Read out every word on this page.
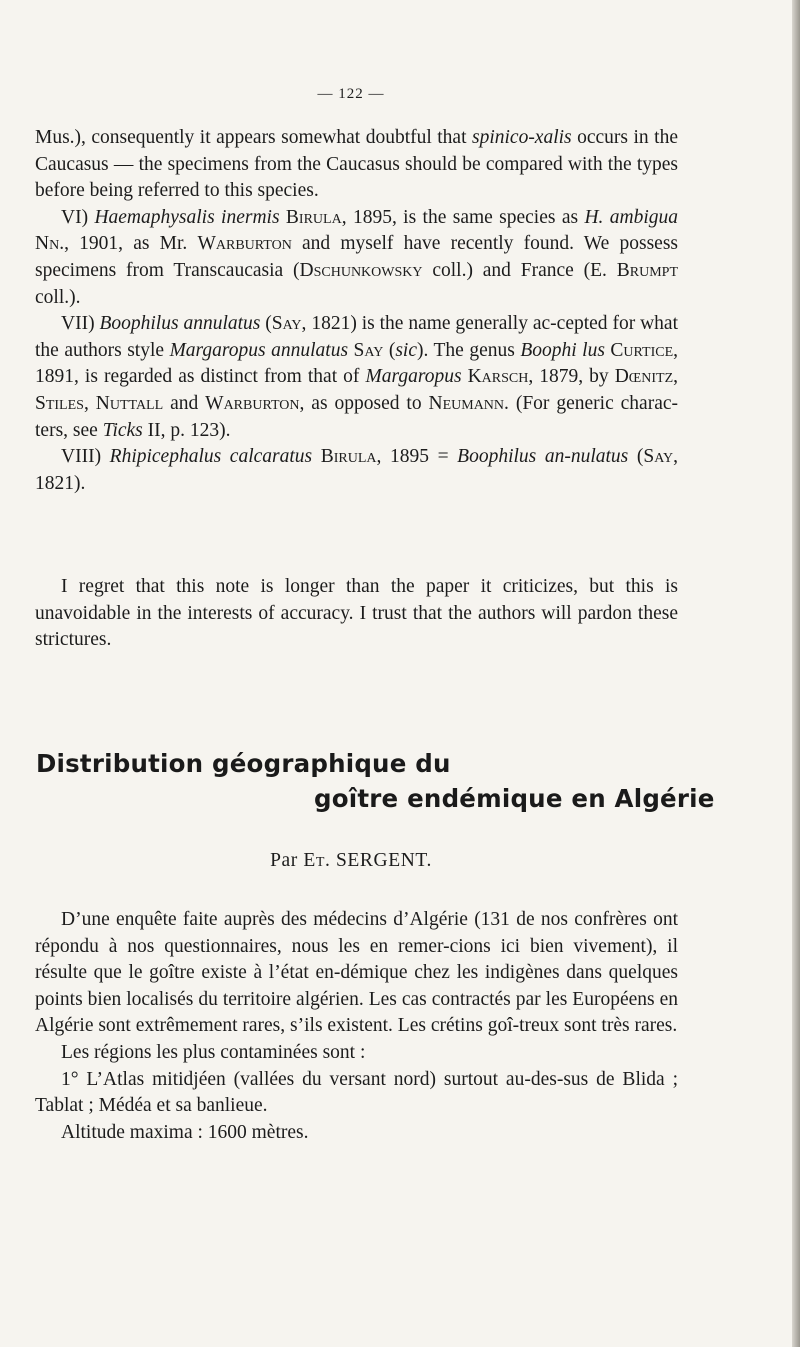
— 122 —

Mus.), consequently it appears somewhat doubtful that spinico-xalis occurs in the Caucasus — the specimens from the Caucasus should be compared with the types before being referred to this species.

VI) Haemaphysalis inermis Birula, 1895, is the same species as H. ambigua Nn., 1901, as Mr. Warburton and myself have recently found. We possess specimens from Transcaucasia (Dschunkowsky coll.) and France (E. Brumpt coll.).

VII) Boophilus annulatus (Say, 1821) is the name generally ac-cepted for what the authors style Margaropus annulatus Say (sic). The genus Boophi lus Curtice, 1891, is regarded as distinct from that of Margaropus Karsch, 1879, by Dœnitz, Stiles, Nuttall and Warburton, as opposed to Neumann. (For generic charac-ters, see Ticks II, p. 123).

VIII) Rhipicephalus calcaratus Birula, 1895 = Boophilus an-nulatus (Say, 1821).

I regret that this note is longer than the paper it criticizes, but this is unavoidable in the interests of accuracy. I trust that the authors will pardon these strictures.

Distribution géographique du
goître endémique en Algérie
Par Et. SERGENT.

D’une enquête faite auprès des médecins d’Algérie (131 de nos confrères ont répondu à nos questionnaires, nous les en remer-cions ici bien vivement), il résulte que le goître existe à l’état en-démique chez les indigènes dans quelques points bien localisés du territoire algérien. Les cas contractés par les Européens en Algérie sont extrêmement rares, s’ils existent. Les crétins goî-treux sont très rares.

Les régions les plus contaminées sont :

1° L’Atlas mitidjéen (vallées du versant nord) surtout au-des-sus de Blida ; Tablat ; Médéa et sa banlieue.

Altitude maxima : 1600 mètres.
